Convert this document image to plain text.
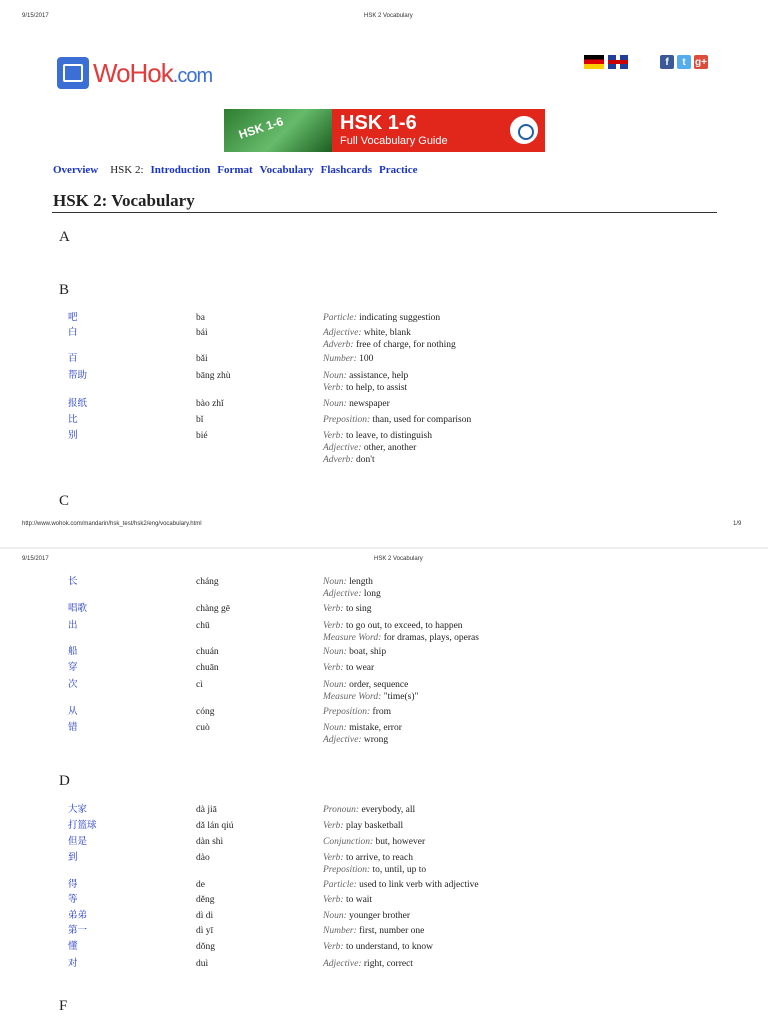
9/15/2017	HSK 2 Vocabulary
WoHok.com
f	t g+
HSK 1-6	HSK 1-6
Full Vocabulary Guide
Overview HSK 2: Introduction Format Vocabulary Flashcards Practice
HSK 2: Vocabulary
A
B
C
http://www.wohok.com/mandarin/hsk_test/hsk2/eng/vocabulary.html	1/9
9/15/2017	HSK 2 Vocabulary
D
F
吧	ba	Particle: indicating suggestion
白	bái	Adjective: white, blank
Adverb: free of charge, for nothing
百	bǎi	Number: 100
帮助	bāng zhù	Noun: assistance, help
Verb: to help, to assist
报纸	bào zhǐ	Noun: newspaper
比	bǐ	Preposition: than, used for comparison
别	bié	Verb: to leave, to distinguish
Adjective: other, another
Adverb: don't
长	cháng	Noun: length
Adjective: long
唱歌	chàng gē	Verb: to sing
出	chū	Verb: to go out, to exceed, to happen
Measure Word: for dramas, plays, operas
船	chuán	Noun: boat, ship
穿	chuān	Verb: to wear
次	cì	Noun: order, sequence
Measure Word: "time(s)"
从	cóng	Preposition: from
错	cuò	Noun: mistake, error
Adjective: wrong
大家	dà jiā	Pronoun: everybody, all
打篮球	dǎ lán qiú	Verb: play basketball
但是	dàn shì	Conjunction: but, however
到	dào	Verb: to arrive, to reach
Preposition: to, until, up to
得	de	Particle: used to link verb with adjective
等	děng	Verb: to wait
弟弟	dì di	Noun: younger brother
第一	dì yī	Number: first, number one
懂	dǒng	Verb: to understand, to know
对	duì	Adjective: right, correct
